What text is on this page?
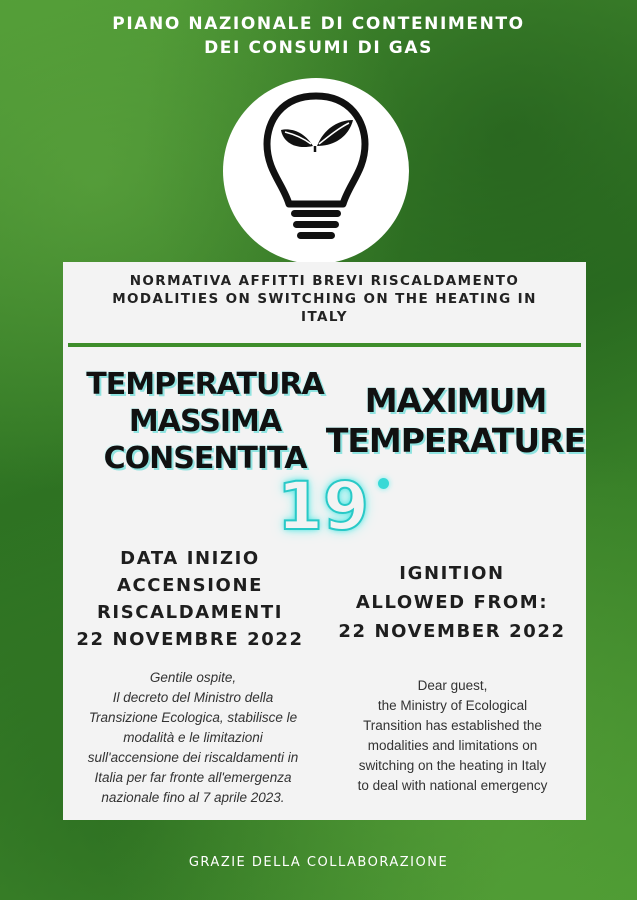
PIANO NAZIONALE DI CONTENIMENTO
DEI CONSUMI DI GAS
NORMATIVA AFFITTI BREVI RISCALDAMENTO
MODALITIES ON SWITCHING ON THE HEATING IN
ITALY
TEMPERATURA
MASSIMA
CONSENTITA
MAXIMUM
TEMPERATURE
19
DATA INIZIO
ACCENSIONE
RISCALDAMENTI
22 NOVEMBRE 2022
IGNITION
ALLOWED FROM:
22 NOVEMBER 2022
Gentile ospite,
Il decreto del Ministro della
Transizione Ecologica, stabilisce le
modalità e le limitazioni
sull'accensione dei riscaldamenti in
Italia per far fronte all'emergenza
nazionale fino al 7 aprile 2023.
Dear guest,
the Ministry of Ecological
Transition has established the
modalities and limitations on
switching on the heating in Italy
to deal with national emergency
GRAZIE DELLA COLLABORAZIONE
